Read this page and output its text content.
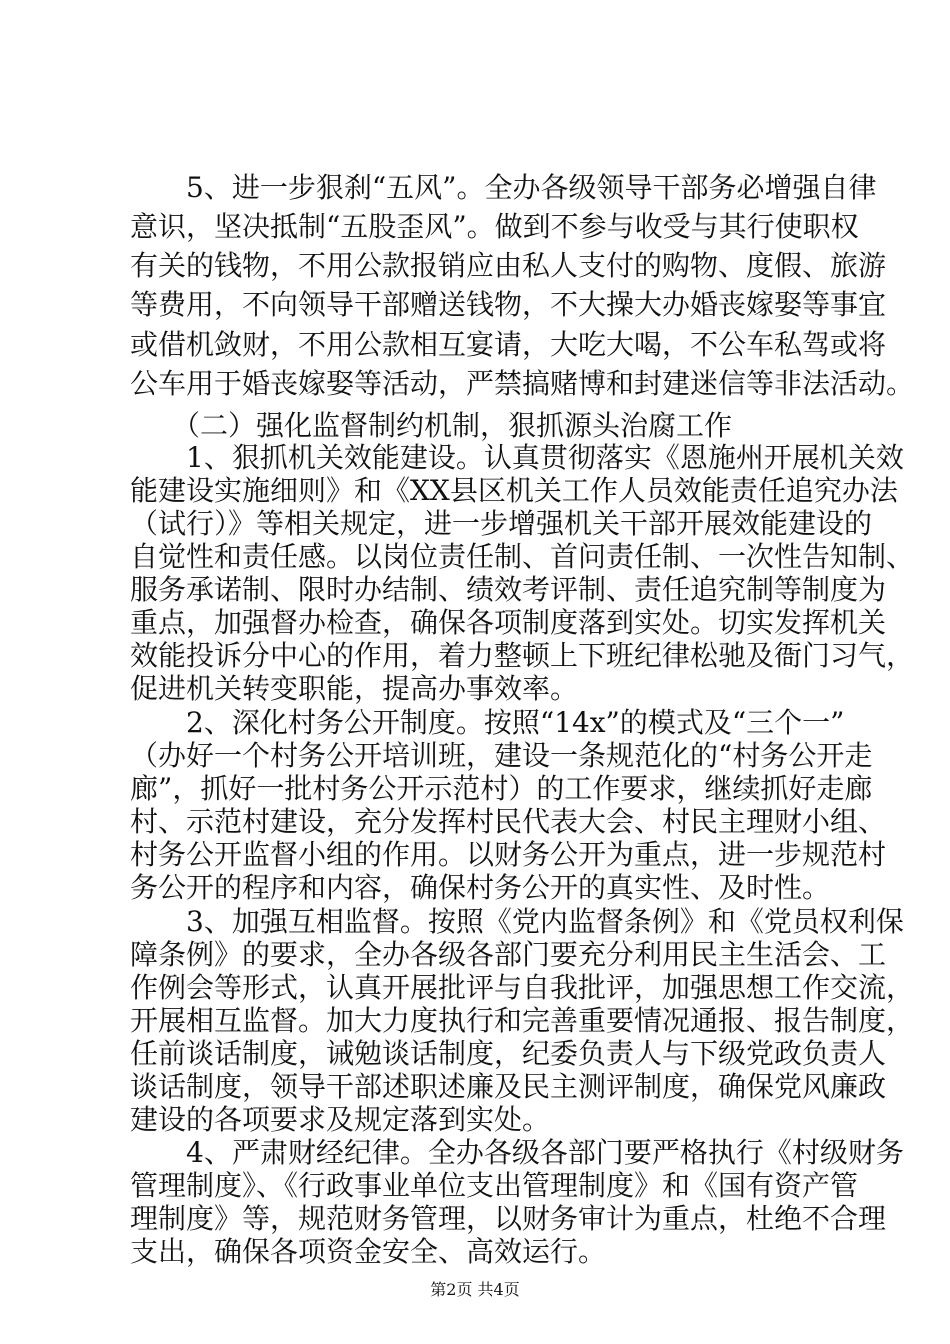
　　5、进一步狠刹“五风”。全办各级领导干部务必增强自律
意识，坚决抵制“五股歪风”。做到不参与收受与其行使职权
有关的钱物，不用公款报销应由私人支付的购物、度假、旅游
等费用，不向领导干部赠送钱物，不大操大办婚丧嫁娶等事宜
或借机敛财，不用公款相互宴请，大吃大喝，不公车私驾或将
公车用于婚丧嫁娶等活动，严禁搞赌博和封建迷信等非法活动。
　　（二）强化监督制约机制，狠抓源头治腐工作
　　1、狠抓机关效能建设。认真贯彻落实《恩施州开展机关效
能建设实施细则》和《XX县区机关工作人员效能责任追究办法
（试行）》等相关规定，进一步增强机关干部开展效能建设的
自觉性和责任感。以岗位责任制、首问责任制、一次性告知制、
服务承诺制、限时办结制、绩效考评制、责任追究制等制度为
重点，加强督办检查，确保各项制度落到实处。切实发挥机关
效能投诉分中心的作用，着力整顿上下班纪律松驰及衙门习气，
促进机关转变职能，提高办事效率。
　　2、深化村务公开制度。按照“14x”的模式及“三个一”
（办好一个村务公开培训班，建设一条规范化的“村务公开走
廊”，抓好一批村务公开示范村）的工作要求，继续抓好走廊
村、示范村建设，充分发挥村民代表大会、村民主理财小组、
村务公开监督小组的作用。以财务公开为重点，进一步规范村
务公开的程序和内容，确保村务公开的真实性、及时性。
　　3、加强互相监督。按照《党内监督条例》和《党员权利保
障条例》的要求，全办各级各部门要充分利用民主生活会、工
作例会等形式，认真开展批评与自我批评，加强思想工作交流，
开展相互监督。加大力度执行和完善重要情况通报、报告制度，
任前谈话制度，诫勉谈话制度，纪委负责人与下级党政负责人
谈话制度，领导干部述职述廉及民主测评制度，确保党风廉政
建设的各项要求及规定落到实处。
　　4、严肃财经纪律。全办各级各部门要严格执行《村级财务
管理制度》、《行政事业单位支出管理制度》和《国有资产管
理制度》等，规范财务管理，以财务审计为重点，杜绝不合理
支出，确保各项资金安全、高效运行。
第2页 共4页
